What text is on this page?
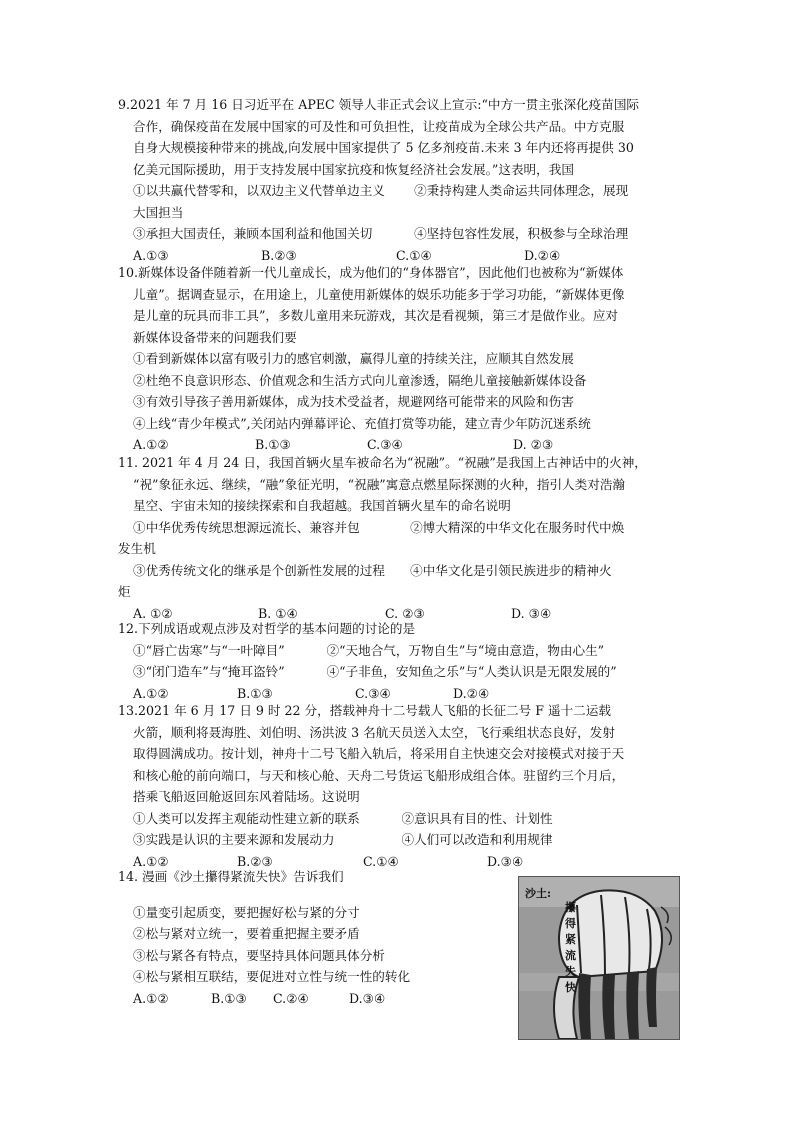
9.2021 年 7 月 16 日习近平在 APEC 领导人非正式会议上宣示:“中方一贯主张深化疫苗国际

合作，确保疫苗在发展中国家的可及性和可负担性，让疫苗成为全球公共产品。中方克服

自身大规模接种带来的挑战,向发展中国家提供了 5 亿多剂疫苗.未来 3 年内还将再提供 30

亿美元国际援助，用于支持发展中国家抗疫和恢复经济社会发展。”这表明，我国

①以共赢代替零和，以双边主义代替单边主义　　 ②秉持构建人类命运共同体理念，展现

大国担当

③承担大国责任，兼顾本国利益和他国关切　　　 ④坚持包容性发展，积极参与全球治理

A.①③	B.②③	C.①④	D.②④

10.新媒体设备伴随着新一代儿童成长，成为他们的“身体器官”，因此他们也被称为“新媒体

儿童”。据调查显示，在用途上，儿童使用新媒体的娱乐功能多于学习功能，“新媒体更像

是儿童的玩具而非工具”，多数儿童用来玩游戏，其次是看视频，第三才是做作业。应对

新媒体设备带来的问题我们要

①看到新媒体以富有吸引力的感官刺激，赢得儿童的持续关注，应顺其自然发展

②杜绝不良意识形态、价值观念和生活方式向儿童渗透，隔绝儿童接触新媒体设备

③有效引导孩子善用新媒体，成为技术受益者，规避网络可能带来的风险和伤害

④上线“青少年模式”,关闭站内弹幕评论、充值打赏等功能，建立青少年防沉迷系统

A.①②	B.①③	C.③④	D. ②③

11. 2021 年 4 月 24 日，我国首辆火星车被命名为“祝融”。“祝融”是我国上古神话中的火神，

“祝”象征永远、继续，“融”象征光明，“祝融”寓意点燃星际探测的火种，指引人类对浩瀚

星空、宇宙未知的接续探索和自我超越。我国首辆火星车的命名说明

①中华优秀传统思想源远流长、兼容并包　　　　②博大精深的中华文化在服务时代中焕

发生机

③优秀传统文化的继承是个创新性发展的过程　　④中华文化是引领民族进步的精神火

炬

A. ①②	B. ①④	C. ②③	D. ③④

12.下列成语或观点涉及对哲学的基本问题的讨论的是

①“唇亡齿寒”与“一叶障目”　　　 ②“天地合气，万物自生”与“境由意造，物由心生”

③“闭门造车”与“掩耳盗铃”　　　 ④“子非鱼，安知鱼之乐”与“人类认识是无限发展的”

A.①②	B.①③	C.③④	D.②④

13.2021 年 6 月 17 日 9 时 22 分，搭载神舟十二号载人飞船的长征二号 F 遥十二运载

火箭，顺利将聂海胜、刘伯明、汤洪波 3 名航天员送入太空，飞行乘组状态良好，发射

取得圆满成功。按计划，神舟十二号飞船入轨后，将采用自主快速交会对接模式对接于天

和核心舱的前向端口，与天和核心舱、天舟二号货运飞船形成组合体。驻留约三个月后，

搭乘飞船返回舱返回东风着陆场。这说明

①人类可以发挥主观能动性建立新的联系　　　 ②意识具有目的性、计划性

③实践是认识的主要来源和发展动力　　　　　 ④人们可以改造和利用规律

A.①②	B.②③	C.①④	D.③④

14. 漫画《沙土攥得紧流失快》告诉我们

①量变引起质变，要把握好松与紧的分寸

②松与紧对立统一，要着重把握主要矛盾

③松与紧各有特点，要坚持具体问题具体分析

④松与紧相互联结，要促进对立性与统一性的转化

A.①②	B.①③	C.②④	D.③④
沙土:
攥
得
紧
流
失
快
